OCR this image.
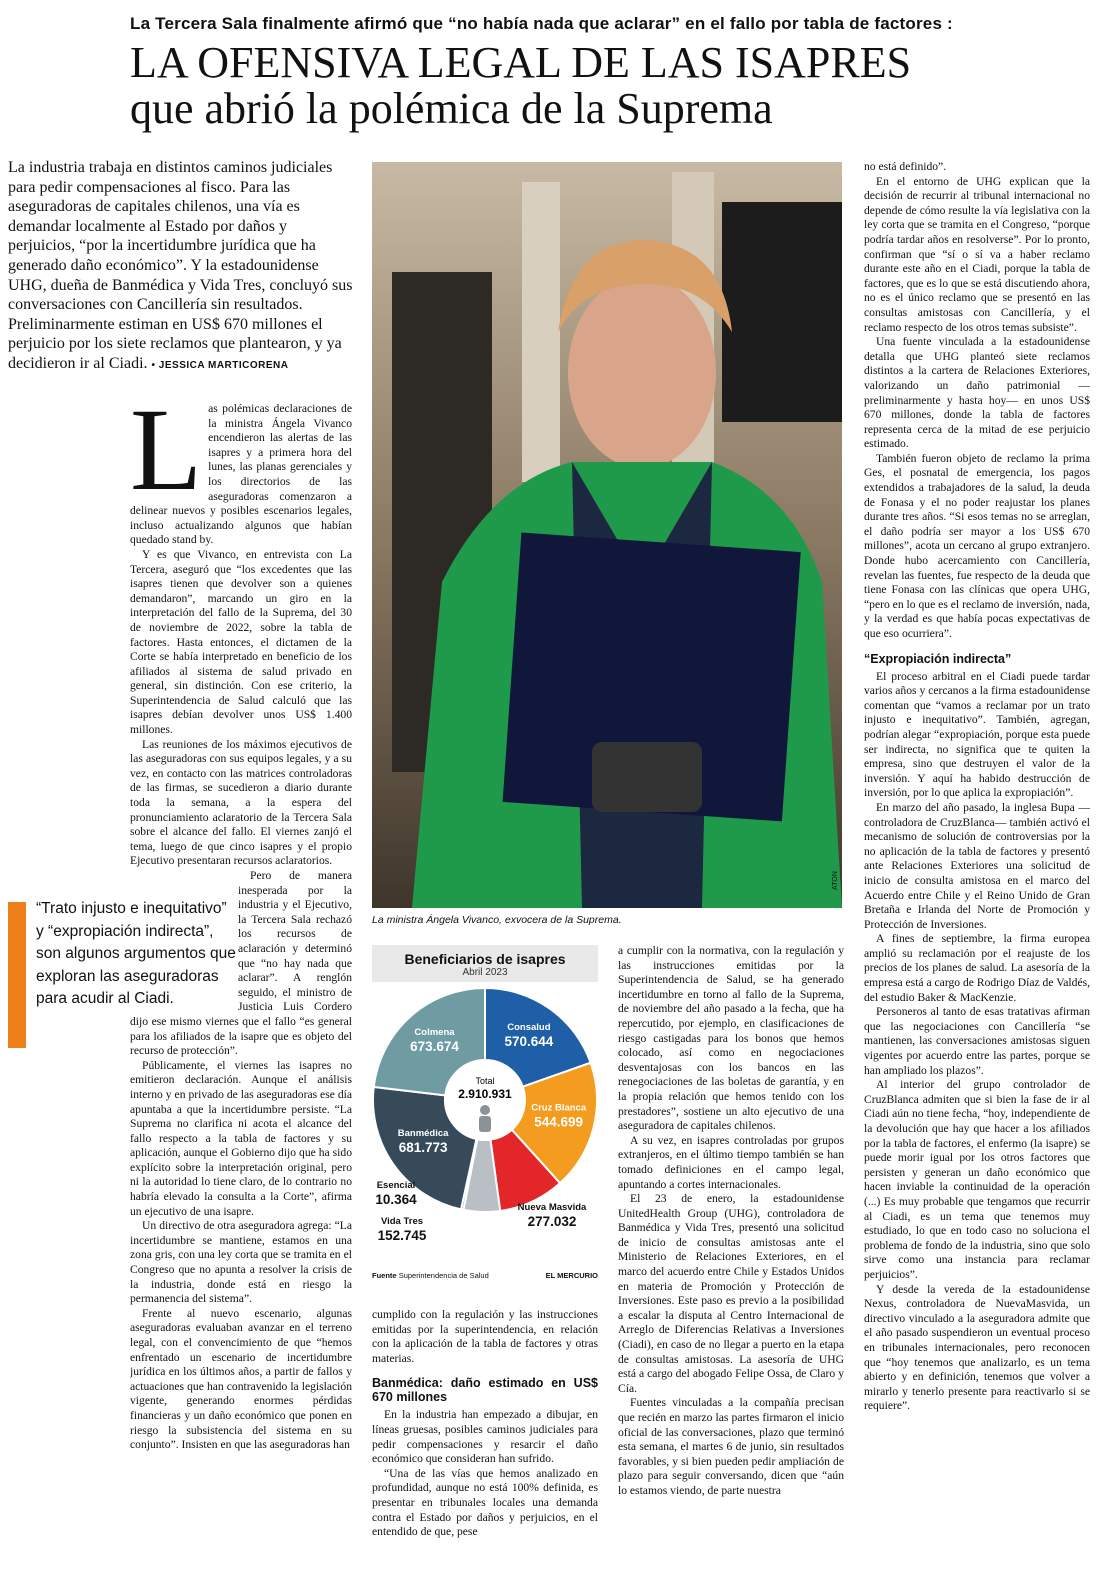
La Tercera Sala finalmente afirmó que “no había nada que aclarar” en el fallo por tabla de factores :
LA OFENSIVA LEGAL DE LAS ISAPRES
que abrió la polémica de la Suprema
La industria trabaja en distintos caminos judiciales para pedir compensaciones al fisco. Para las aseguradoras de capitales chilenos, una vía es demandar localmente al Estado por daños y perjuicios, “por la incertidumbre jurídica que ha generado daño económico”. Y la estadounidense UHG, dueña de Banmédica y Vida Tres, concluyó sus conversaciones con Cancillería sin resultados. Preliminarmente estiman en US$ 670 millones el perjuicio por los siete reclamos que plantearon, y ya decidieron ir al Ciadi. • JESSICA MARTICORENA
L as polémicas declaraciones de la ministra Ángela Vivanco encendieron las alertas de las isapres y a primera hora del lunes, las planas gerenciales y los directorios de las aseguradoras comenzaron a delinear nuevos y posibles escenarios legales, incluso actualizando algunos que habían quedado stand by.

Y es que Vivanco, en entrevista con La Tercera, aseguró que “los excedentes que las isapres tienen que devolver son a quienes demandaron”, marcando un giro en la interpretación del fallo de la Suprema, del 30 de noviembre de 2022, sobre la tabla de factores. Hasta entonces, el dictamen de la Corte se había interpretado en beneficio de los afiliados al sistema de salud privado en general, sin distinción. Con ese criterio, la Superintendencia de Salud calculó que las isapres debían devolver unos US$ 1.400 millones.

Las reuniones de los máximos ejecutivos de las aseguradoras con sus equipos legales, y a su vez, en contacto con las matrices controladoras de las firmas, se sucedieron a diario durante toda la semana, a la espera del pronunciamiento aclaratorio de la Tercera Sala sobre el alcance del fallo. El viernes zanjó el tema, luego de que cinco isapres y el propio Ejecutivo presentaran recursos aclaratorios.

Pero de manera inesperada por la industria y el Ejecutivo, la Tercera Sala rechazó los recursos de aclaración y determinó que “no hay nada que aclarar”. A renglón seguido, el ministro de Justicia Luis Cordero dijo ese mismo viernes que el fallo “es general para los afiliados de la isapre que es objeto del recurso de protección”.

Públicamente, el viernes las isapres no emitieron declaración. Aunque el análisis interno y en privado de las aseguradoras ese día apuntaba a que la incertidumbre persiste. “La Suprema no clarifica ni acota el alcance del fallo respecto a la tabla de factores y su aplicación, aunque el Gobierno dijo que ha sido explícito sobre la interpretación original, pero ni la autoridad lo tiene claro, de lo contrario no habría elevado la consulta a la Corte”, afirma un ejecutivo de una isapre.

Un directivo de otra aseguradora agrega: “La incertidumbre se mantiene, estamos en una zona gris, con una ley corta que se tramita en el Congreso que no apunta a resolver la crisis de la industria, donde está en riesgo la permanencia del sistema”.

Frente al nuevo escenario, algunas aseguradoras evaluaban avanzar en el terreno legal, con el convencimiento de que “hemos enfrentado un escenario de incertidumbre jurídica en los últimos años, a partir de fallos y actuaciones que han contravenido la legislación vigente, generando enormes pérdidas financieras y un daño económico que ponen en riesgo la subsistencia del sistema en su conjunto”. Insisten en que las aseguradoras han

“Trato injusto e inequitativo” y “expropiación indirecta”, son algunos argumentos que exploran las aseguradoras para acudir al Ciadi.
La ministra Ángela Vivanco, exvocera de la Suprema.
ATON
Beneficiarios de isapres
Abril 2023
Consalud
570.644
Cruz Blanca
544.699
Nueva Masvida
277.032
Vida Tres
152.745
Esencial
10.364
Banmédica
681.773
Colmena
673.674
Total
2.910.931
Fuente Superintendencia de Salud	EL MERCURIO

cumplido con la regulación y las instrucciones emitidas por la superintendencia, en relación con la aplicación de la tabla de factores y otras materias.

Banmédica: daño estimado en US$ 670 millones

En la industria han empezado a dibujar, en líneas gruesas, posibles caminos judiciales para pedir compensaciones y resarcir el daño económico que consideran han sufrido.

“Una de las vías que hemos analizado en profundidad, aunque no está 100% definida, es presentar en tribunales locales una demanda contra el Estado por daños y perjuicios, en el entendido de que, pese

a cumplir con la normativa, con la regulación y las instrucciones emitidas por la Superintendencia de Salud, se ha generado incertidumbre en torno al fallo de la Suprema, de noviembre del año pasado a la fecha, que ha repercutido, por ejemplo, en clasificaciones de riesgo castigadas para los bonos que hemos colocado, así como en negociaciones desventajosas con los bancos en las renegociaciones de las boletas de garantía, y en la propia relación que hemos tenido con los prestadores”, sostiene un alto ejecutivo de una aseguradora de capitales chilenos.

A su vez, en isapres controladas por grupos extranjeros, en el último tiempo también se han tomado definiciones en el campo legal, apuntando a cortes internacionales.

El 23 de enero, la estadounidense UnitedHealth Group (UHG), controladora de Banmédica y Vida Tres, presentó una solicitud de inicio de consultas amistosas ante el Ministerio de Relaciones Exteriores, en el marco del acuerdo entre Chile y Estados Unidos en materia de Promoción y Protección de Inversiones. Este paso es previo a la posibilidad a escalar la disputa al Centro Internacional de Arreglo de Diferencias Relativas a Inversiones (Ciadi), en caso de no llegar a puerto en la etapa de consultas amistosas. La asesoría de UHG está a cargo del abogado Felipe Ossa, de Claro y Cía.

Fuentes vinculadas a la compañía precisan que recién en marzo las partes firmaron el inicio oficial de las conversaciones, plazo que terminó esta semana, el martes 6 de junio, sin resultados favorables, y si bien pueden pedir ampliación de plazo para seguir conversando, dicen que “aún lo estamos viendo, de parte nuestra

no está definido”.

En el entorno de UHG explican que la decisión de recurrir al tribunal internacional no depende de cómo resulte la vía legislativa con la ley corta que se tramita en el Congreso, “porque podría tardar años en resolverse”. Por lo pronto, confirman que “sí o sí va a haber reclamo durante este año en el Ciadi, porque la tabla de factores, que es lo que se está discutiendo ahora, no es el único reclamo que se presentó en las consultas amistosas con Cancillería, y el reclamo respecto de los otros temas subsiste”.

Una fuente vinculada a la estadounidense detalla que UHG planteó siete reclamos distintos a la cartera de Relaciones Exteriores, valorizando un daño patrimonial —preliminarmente y hasta hoy— en unos US$ 670 millones, donde la tabla de factores representa cerca de la mitad de ese perjuicio estimado.

También fueron objeto de reclamo la prima Ges, el posnatal de emergencia, los pagos extendidos a trabajadores de la salud, la deuda de Fonasa y el no poder reajustar los planes durante tres años. “Si esos temas no se arreglan, el daño podría ser mayor a los US$ 670 millones”, acota un cercano al grupo extranjero. Donde hubo acercamiento con Cancillería, revelan las fuentes, fue respecto de la deuda que tiene Fonasa con las clínicas que opera UHG, “pero en lo que es el reclamo de inversión, nada, y la verdad es que había pocas expectativas de que eso ocurriera”.

“Expropiación indirecta”

El proceso arbitral en el Ciadi puede tardar varios años y cercanos a la firma estadounidense comentan que “vamos a reclamar por un trato injusto e inequitativo”. También, agregan, podrían alegar “expropiación, porque esta puede ser indirecta, no significa que te quiten la empresa, sino que destruyen el valor de la inversión. Y aquí ha habido destrucción de inversión, por lo que aplica la expropiación”.

En marzo del año pasado, la inglesa Bupa —controladora de CruzBlanca— también activó el mecanismo de solución de controversias por la no aplicación de la tabla de factores y presentó ante Relaciones Exteriores una solicitud de inicio de consulta amistosa en el marco del Acuerdo entre Chile y el Reino Unido de Gran Bretaña e Irlanda del Norte de Promoción y Protección de Inversiones.

A fines de septiembre, la firma europea amplió su reclamación por el reajuste de los precios de los planes de salud. La asesoría de la empresa está a cargo de Rodrigo Díaz de Valdés, del estudio Baker & MacKenzie.

Personeros al tanto de esas tratativas afirman que las negociaciones con Cancillería “se mantienen, las conversaciones amistosas siguen vigentes por acuerdo entre las partes, porque se han ampliado los plazos”.

Al interior del grupo controlador de CruzBlanca admiten que si bien la fase de ir al Ciadi aún no tiene fecha, “hoy, independiente de la devolución que hay que hacer a los afiliados por la tabla de factores, el enfermo (la isapre) se puede morir igual por los otros factores que persisten y generan un daño económico que hacen inviable la continuidad de la operación (...) Es muy probable que tengamos que recurrir al Ciadi, es un tema que tenemos muy estudiado, lo que en todo caso no soluciona el problema de fondo de la industria, sino que solo sirve como una instancia para reclamar perjuicios”.

Y desde la vereda de la estadounidense Nexus, controladora de NuevaMasvida, un directivo vinculado a la aseguradora admite que el año pasado suspendieron un eventual proceso en tribunales internacionales, pero reconocen que “hoy tenemos que analizarlo, es un tema abierto y en definición, tenemos que volver a mirarlo y tenerlo presente para reactivarlo si se requiere”.
